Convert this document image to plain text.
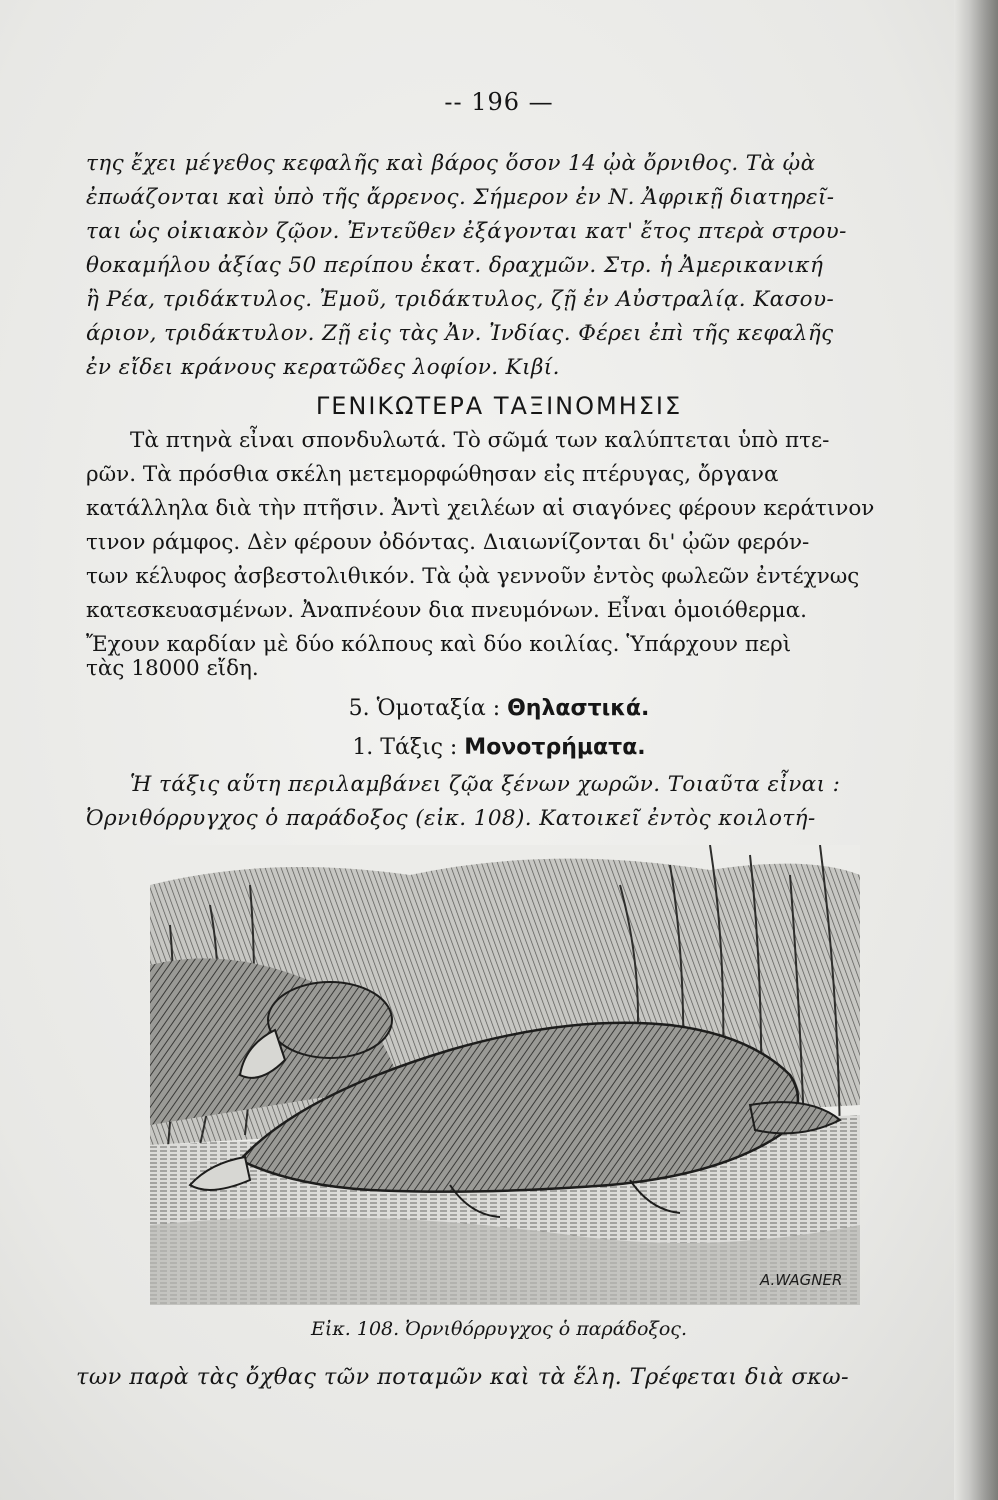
-- 196 —
της ἔχει μέγεθος κεφαλῆς καὶ βάρος ὅσον 14 ᾠὰ ὄρνιθος. Τὰ ᾠὰ
ἐπωάζονται καὶ ὑπὸ τῆς ἄρρενος. Σήμερον ἐν Ν. Ἀφρικῇ διατηρεῖ-
ται ὡς οἰκιακὸν ζῷον. Ἐντεῦθεν ἐξάγονται κατ' ἔτος πτερὰ στρου-
θοκαμήλου ἀξίας 50 περίπου ἑκατ. δραχμῶν. Στρ. ἡ Ἀμερικανική
ἢ Ρέα, τριδάκτυλος. Ἐμοῦ, τριδάκτυλος, ζῇ ἐν Αὐστραλίᾳ. Κασου-
άριον, τριδάκτυλον. Ζῇ εἰς τὰς Ἀν. Ἰνδίας. Φέρει ἐπὶ τῆς κεφαλῆς
ἐν εἴδει κράνους κερατῶδες λοφίον. Κιβί.
ΓΕΝΙΚΩΤΕΡΑ ΤΑΞΙΝΟΜΗΣΙΣ
Τὰ πτηνὰ εἶναι σπονδυλωτά. Τὸ σῶμά των καλύπτεται ὑπὸ πτε-
ρῶν. Τὰ πρόσθια σκέλη μετεμορφώθησαν εἰς πτέρυγας, ὄργανα
κατάλληλα διὰ τὴν πτῆσιν. Ἀντὶ χειλέων αἱ σιαγόνες φέρουν κεράτινον
τινον ράμφος. Δὲν φέρουν ὀδόντας. Διαιωνίζονται δι' ᾠῶν φερόν-
των κέλυφος ἀσβεστολιθικόν. Τὰ ᾠὰ γεννοῦν ἐντὸς φωλεῶν ἐντέχνως
κατεσκευασμένων. Ἀναπνέουν δια πνευμόνων. Εἶναι ὁμοιόθερμα.
Ἔχουν καρδίαν μὲ δύο κόλπους καὶ δύο κοιλίας. Ὑπάρχουν περὶ
τὰς 18000 εἴδη.
5. Ὁμοταξία : Θηλαστικά.
1. Τάξις : Μονοτρήματα.
Ἡ τάξις αὕτη περιλαμβάνει ζῷα ξένων χωρῶν. Τοιαῦτα εἶναι :
Ὀρνιθόρρυγχος ὁ παράδοξος (εἰκ. 108). Κατοικεῖ ἐντὸς κοιλοτή-
A.WAGNER
Εἰκ. 108. Ὀρνιθόρρυγχος ὁ παράδοξος.
των παρὰ τὰς ὄχθας τῶν ποταμῶν καὶ τὰ ἕλη. Τρέφεται διὰ σκω-
